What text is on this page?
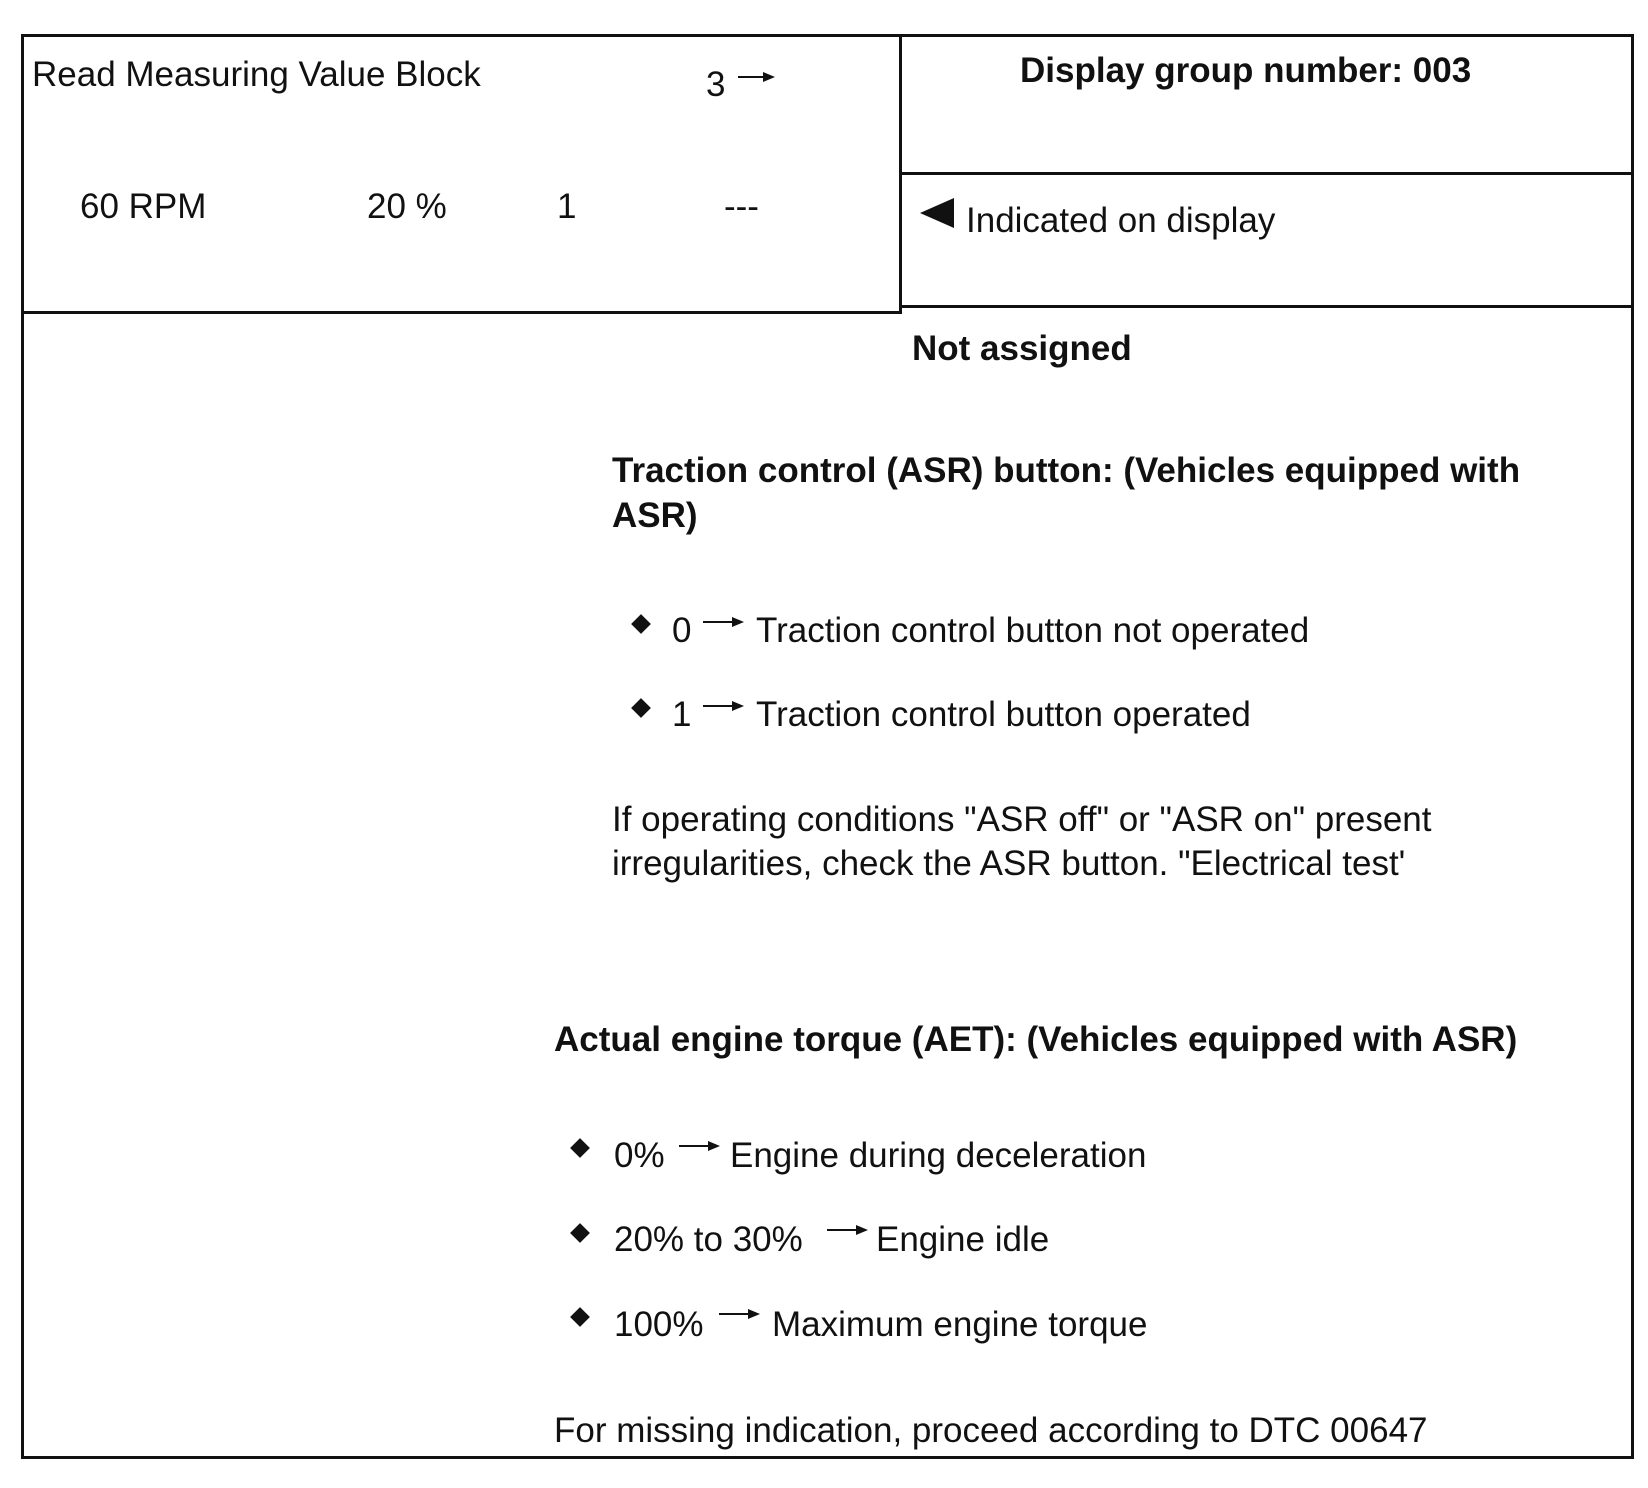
Read Measuring Value Block	3
60 RPM	20 %	1	---
Display group number: 003
Indicated on display
Not assigned
Traction control (ASR) button: (Vehicles equipped with
ASR)
0 Traction control button not operated
1 Traction control button operated
If operating conditions "ASR off" or "ASR on" present
irregularities, check the ASR button. "Electrical test'
Actual engine torque (AET): (Vehicles equipped with ASR)
0% Engine during deceleration
20% to 30% Engine idle
100% Maximum engine torque
For missing indication, proceed according to DTC 00647
